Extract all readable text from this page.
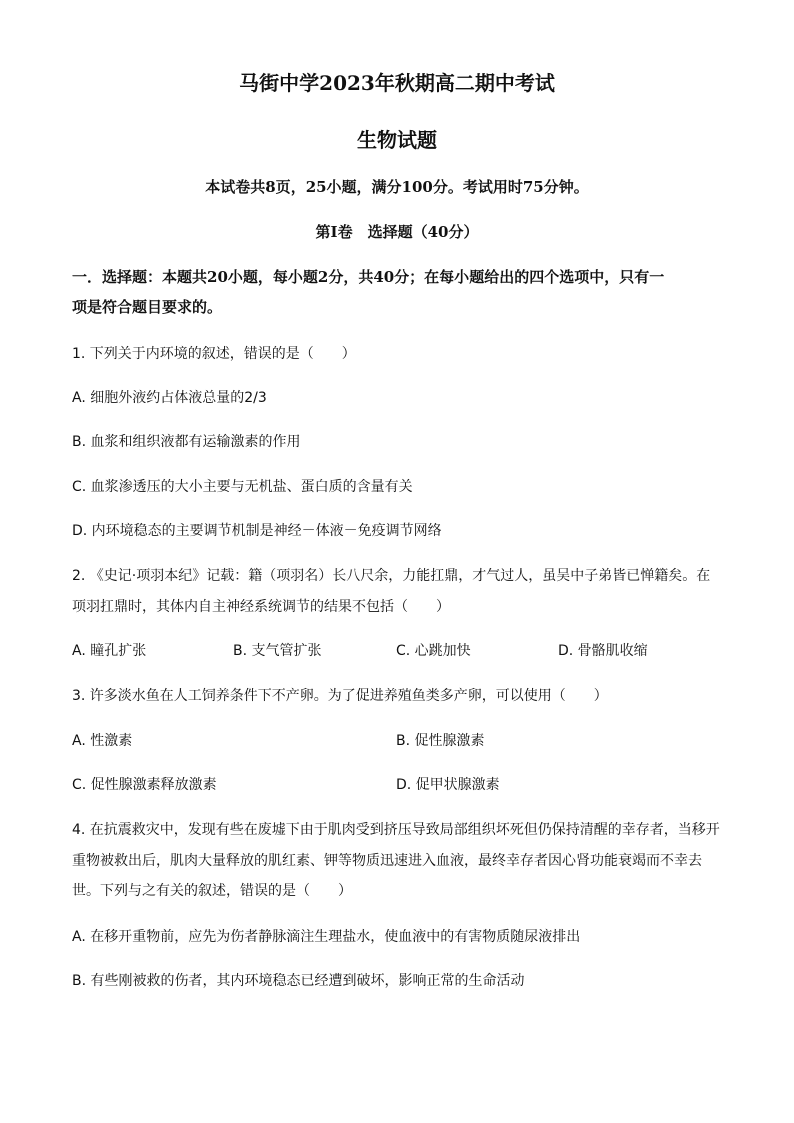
马街中学2023年秋期高二期中考试
生物试题
本试卷共8页，25小题，满分100分。考试用时75分钟。
第Ⅰ卷　选择题（40分）
一．选择题：本题共20小题，每小题2分，共40分；在每小题给出的四个选项中，只有一
项是符合题目要求的。
1. 下列关于内环境的叙述，错误的是（　　）
A. 细胞外液约占体液总量的2/3
B. 血浆和组织液都有运输激素的作用
C. 血浆渗透压的大小主要与无机盐、蛋白质的含量有关
D. 内环境稳态的主要调节机制是神经－体液－免疫调节网络
2. 《史记·项羽本纪》记载：籍（项羽名）长八尺余，力能扛鼎，才气过人，虽吴中子弟皆已惮籍矣。在
项羽扛鼎时，其体内自主神经系统调节的结果不包括（　　）
A. 瞳孔扩张	B. 支气管扩张	C. 心跳加快	D. 骨骼肌收缩
3. 许多淡水鱼在人工饲养条件下不产卵。为了促进养殖鱼类多产卵，可以使用（　　）
A. 性激素	B. 促性腺激素
C. 促性腺激素释放激素	D. 促甲状腺激素
4. 在抗震救灾中，发现有些在废墟下由于肌肉受到挤压导致局部组织坏死但仍保持清醒的幸存者，当移开
重物被救出后，肌肉大量释放的肌红素、钾等物质迅速进入血液，最终幸存者因心肾功能衰竭而不幸去
世。下列与之有关的叙述，错误的是（　　）
A. 在移开重物前，应先为伤者静脉滴注生理盐水，使血液中的有害物质随尿液排出
B. 有些刚被救的伤者，其内环境稳态已经遭到破坏，影响正常的生命活动
